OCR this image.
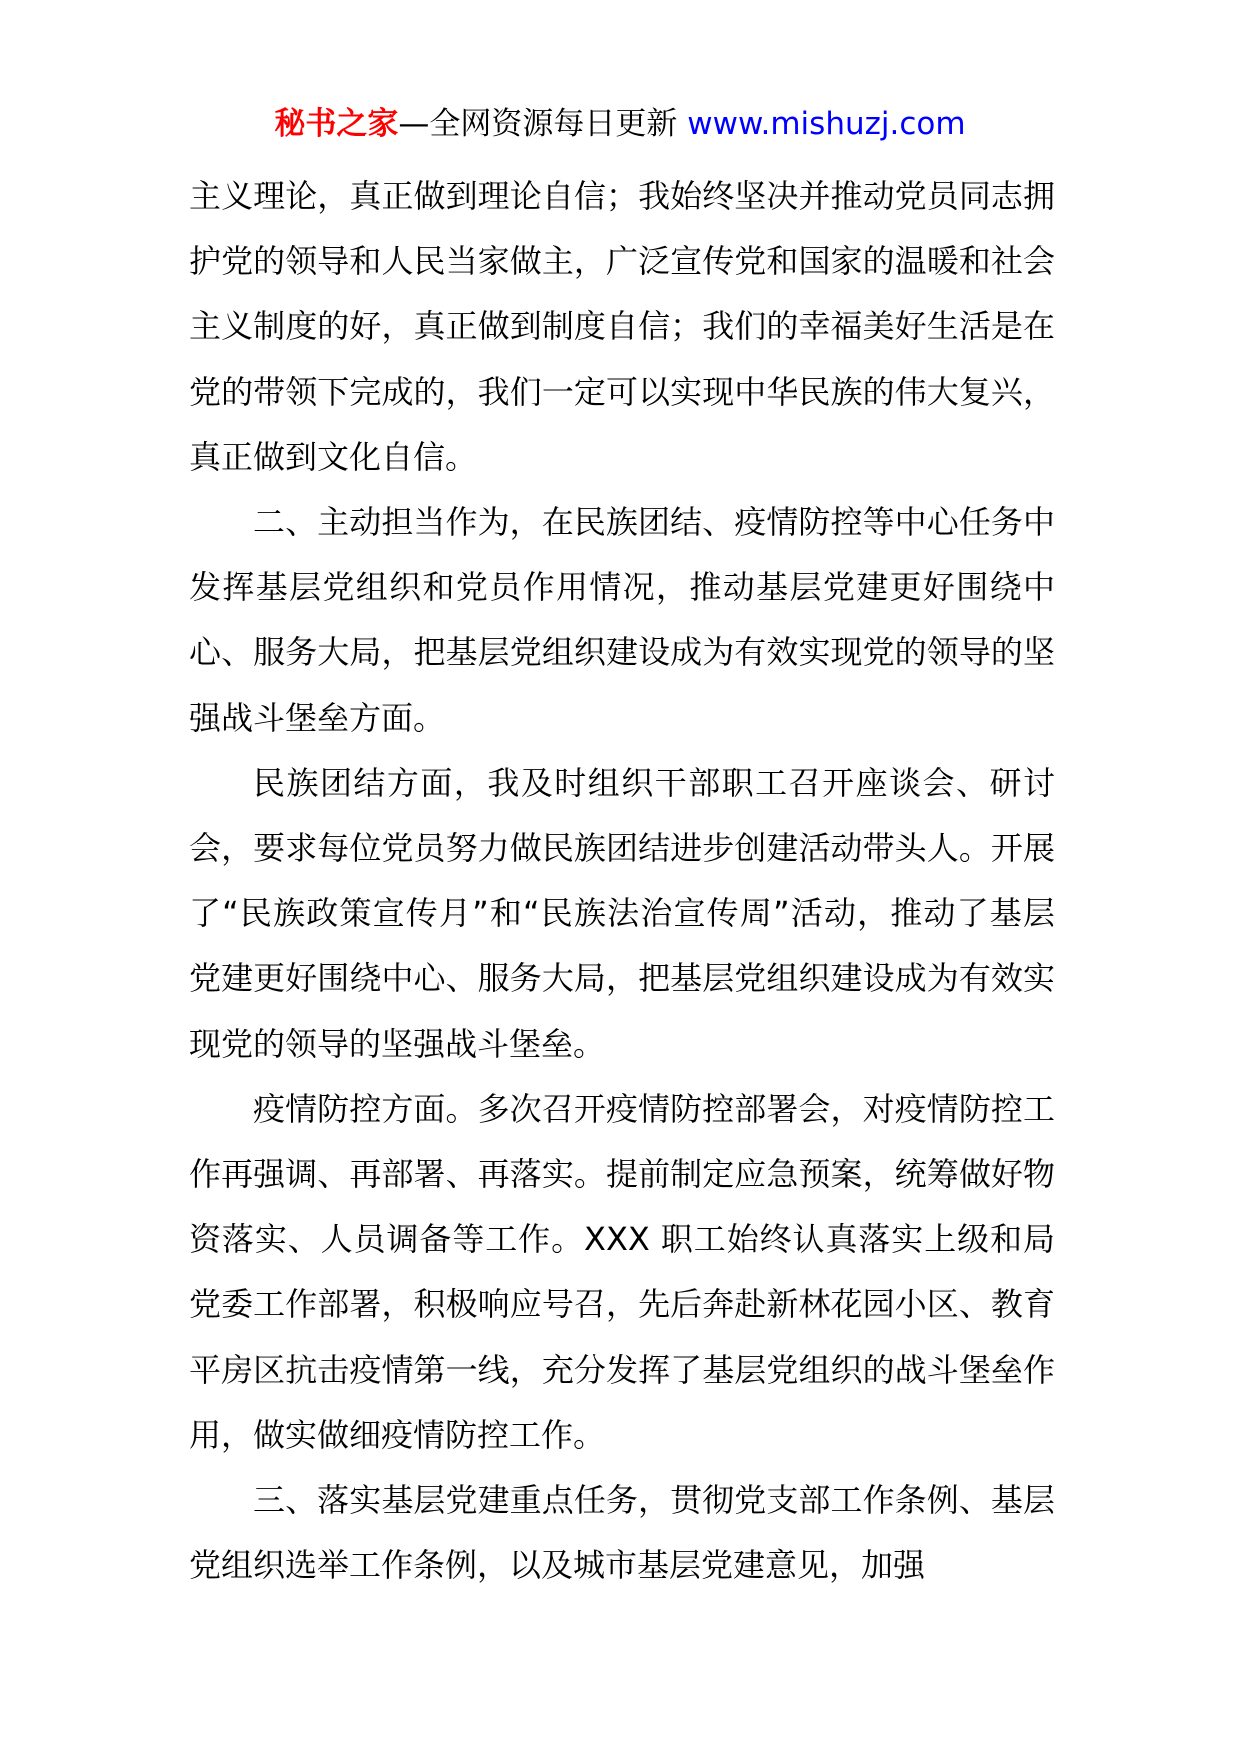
秘书之家—全网资源每日更新 www.mishuzj.com

主义理论，真正做到理论自信；我始终坚决并推动党员同志拥护党的领导和人民当家做主，广泛宣传党和国家的温暖和社会主义制度的好，真正做到制度自信；我们的幸福美好生活是在党的带领下完成的，我们一定可以实现中华民族的伟大复兴，真正做到文化自信。

二、主动担当作为，在民族团结、疫情防控等中心任务中发挥基层党组织和党员作用情况，推动基层党建更好围绕中心、服务大局，把基层党组织建设成为有效实现党的领导的坚强战斗堡垒方面。

民族团结方面，我及时组织干部职工召开座谈会、研讨会，要求每位党员努力做民族团结进步创建活动带头人。开展了“民族政策宣传月”和“民族法治宣传周”活动，推动了基层党建更好围绕中心、服务大局，把基层党组织建设成为有效实现党的领导的坚强战斗堡垒。

疫情防控方面。多次召开疫情防控部署会，对疫情防控工作再强调、再部署、再落实。提前制定应急预案，统筹做好物资落实、人员调备等工作。XXX 职工始终认真落实上级和局党委工作部署，积极响应号召，先后奔赴新林花园小区、教育平房区抗击疫情第一线，充分发挥了基层党组织的战斗堡垒作用，做实做细疫情防控工作。

三、落实基层党建重点任务，贯彻党支部工作条例、基层党组织选举工作条例，以及城市基层党建意见，加强
